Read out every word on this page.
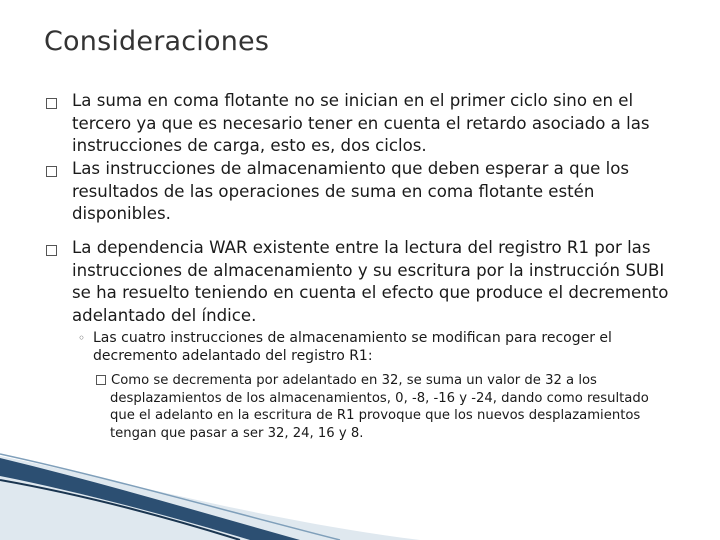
Consideraciones
La suma en coma flotante no se inician en el primer ciclo sino en el tercero ya que es necesario tener en cuenta el retardo asociado a las instrucciones de carga, esto es, dos ciclos.
Las instrucciones de almacenamiento que deben esperar a que los resultados de las operaciones de suma en coma flotante estén disponibles.
La dependencia WAR existente entre la lectura del registro R1 por las instrucciones de almacenamiento y su escritura por la instrucción SUBI se ha resuelto teniendo en cuenta el efecto que produce el decremento adelantado del índice.
◦ Las cuatro instrucciones de almacenamiento se modifican para recoger el decremento adelantado del registro R1:
Como se decrementa por adelantado en 32, se suma un valor de 32 a los desplazamientos de los almacenamientos, 0, -8, -16 y -24, dando como resultado que el adelanto en la escritura de R1 provoque que los nuevos desplazamientos tengan que pasar a ser 32, 24, 16 y 8.
